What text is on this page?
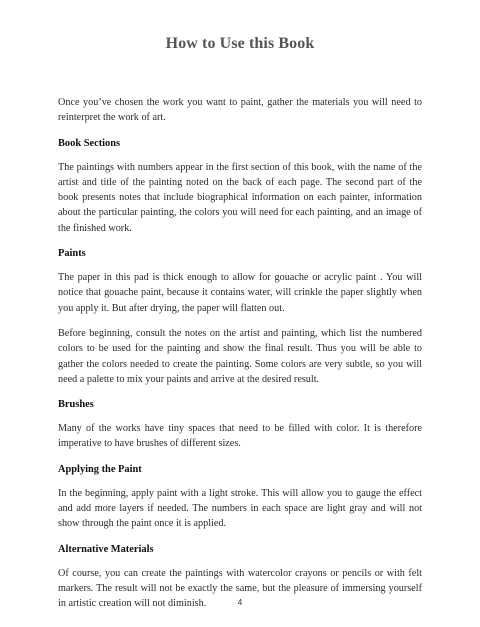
How to Use this Book

Once you’ve chosen the work you want to paint, gather the materials you will need to reinterpret the work of art.

Book Sections

The paintings with numbers appear in the first section of this book, with the name of the artist and title of the painting noted on the back of each page. The second part of the book presents notes that include biographical information on each painter, information about the particular painting, the colors you will need for each painting, and an image of the finished work.

Paints

The paper in this pad is thick enough to allow for gouache or acrylic paint . You will notice that gouache paint, because it contains water, will crinkle the paper slightly when you apply it. But after drying, the paper will flatten out.

Before beginning, consult the notes on the artist and painting, which list the numbered colors to be used for the painting and show the final result. Thus you will be able to gather the colors needed to create the painting. Some colors are very subtle, so you will need a palette to mix your paints and arrive at the desired result.

Brushes

Many of the works have tiny spaces that need to be filled with color. It is therefore imperative to have brushes of different sizes.

Applying the Paint

In the beginning, apply paint with a light stroke. This will allow you to gauge the effect and add more layers if needed. The numbers in each space are light gray and will not show through the paint once it is applied.

Alternative Materials

Of course, you can create the paintings with watercolor crayons or pencils or with felt markers. The result will not be exactly the same, but the pleasure of immersing yourself in artistic creation will not diminish.	4
